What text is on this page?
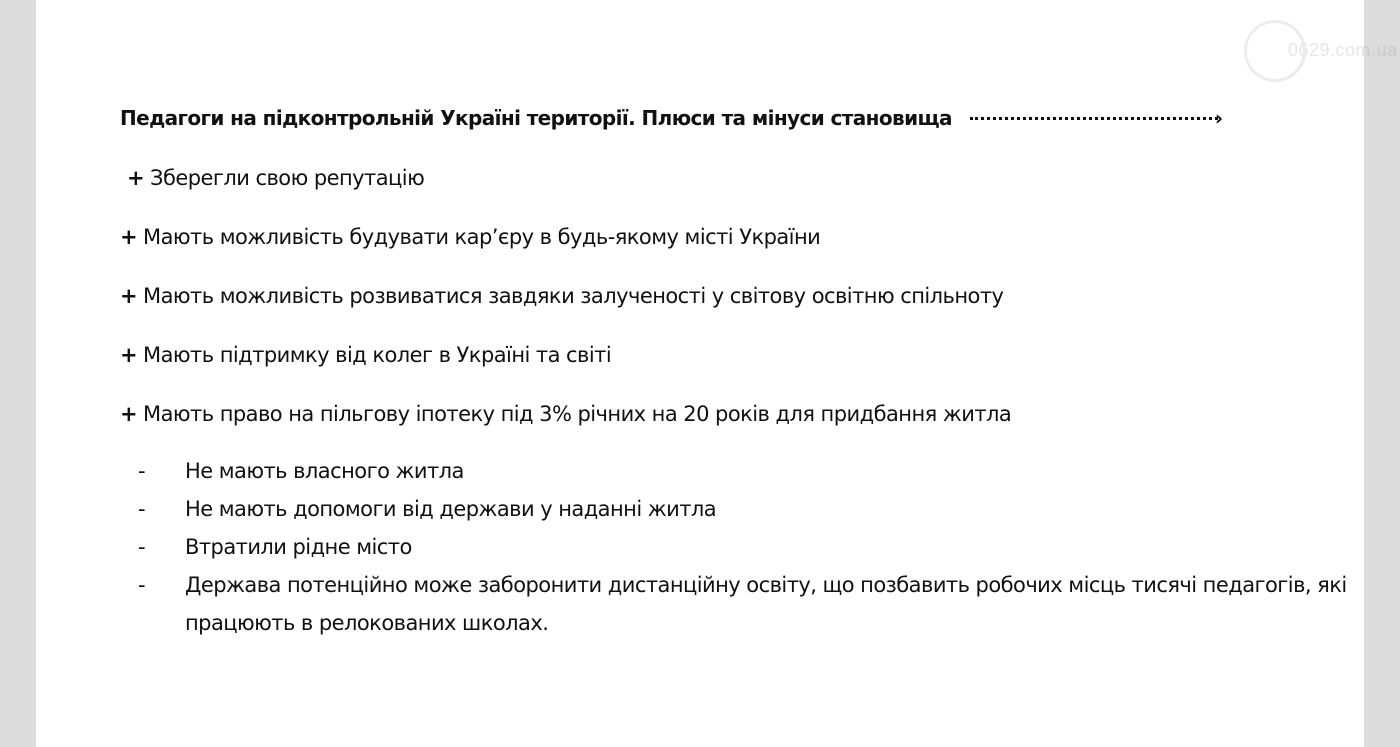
0629.com.ua
Педагоги на підконтрольній Україні території. Плюси та мінуси становища	›
+ Зберегли свою репутацію
+ Мають можливість будувати кар’єру в будь-якому місті України
+ Мають можливість розвиватися завдяки залученості у світову освітню спільноту
+ Мають підтримку від колег в Україні та світі
+ Мають право на пільгову іпотеку під 3% річних на 20 років для придбання житла
- Не мають власного житла
- Не мають допомоги від держави у наданні житла
- Втратили рідне місто
- Держава потенційно може заборонити дистанційну освіту, що позбавить робочих місць тисячі педагогів, які працюють в релокованих школах.
